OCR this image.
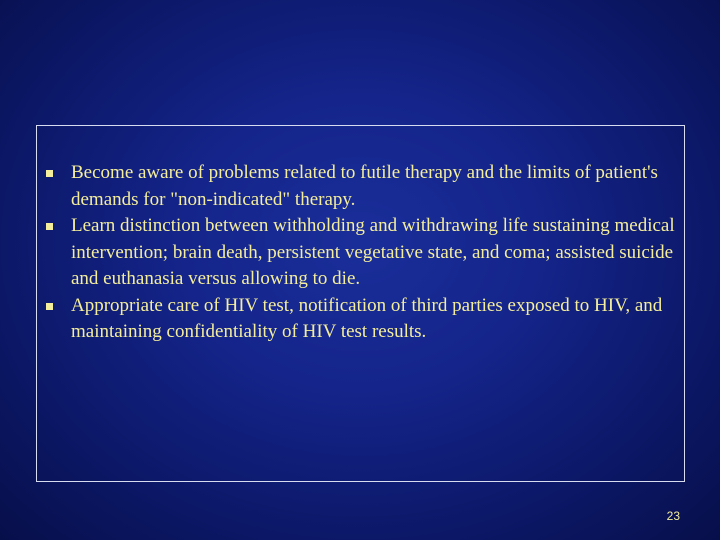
Become aware of problems related to futile therapy and the limits of patient's demands for "non-indicated" therapy.
Learn distinction between withholding and withdrawing life sustaining medical intervention; brain death, persistent vegetative state, and coma; assisted suicide and euthanasia versus allowing to die.
Appropriate care of HIV test, notification of third parties exposed to HIV, and maintaining confidentiality of HIV test results.
23
